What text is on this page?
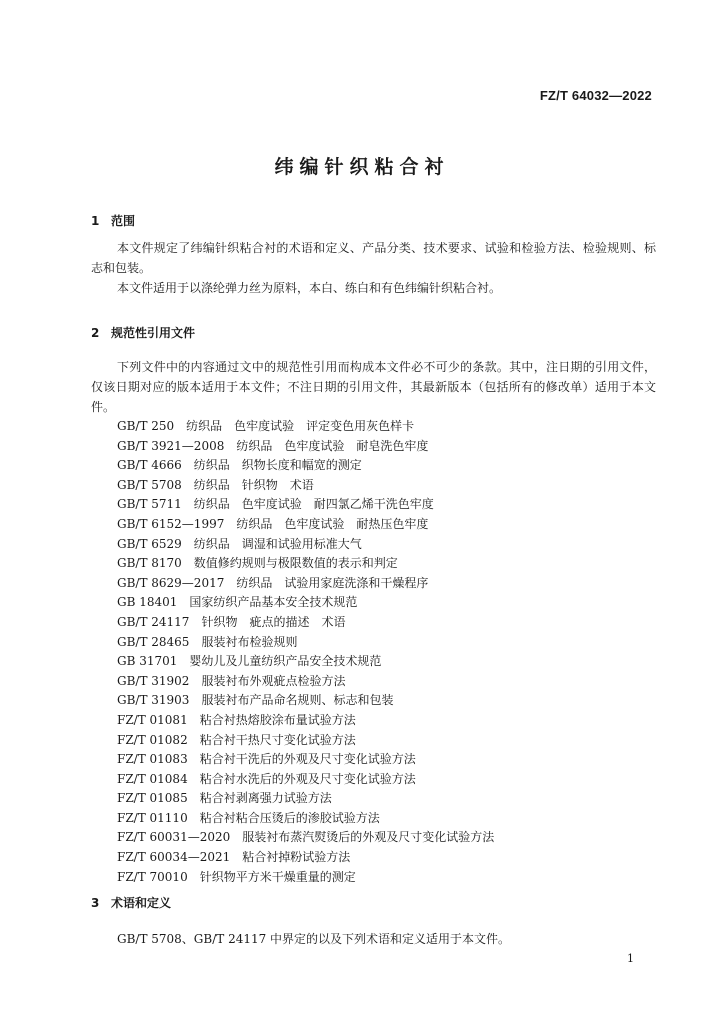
FZ/T 64032—2022
纬编针织粘合衬
1 范围

本文件规定了纬编针织粘合衬的术语和定义、产品分类、技术要求、试验和检验方法、检验规则、标志和包装。

本文件适用于以涤纶弹力丝为原料，本白、练白和有色纬编针织粘合衬。

2 规范性引用文件

下列文件中的内容通过文中的规范性引用而构成本文件必不可少的条款。其中，注日期的引用文件，仅该日期对应的版本适用于本文件；不注日期的引用文件，其最新版本（包括所有的修改单）适用于本文件。

GB/T 250　纺织品　色牢度试验　评定变色用灰色样卡
GB/T 3921—2008　纺织品　色牢度试验　耐皂洗色牢度
GB/T 4666　纺织品　织物长度和幅宽的测定
GB/T 5708　纺织品　针织物　术语
GB/T 5711　纺织品　色牢度试验　耐四氯乙烯干洗色牢度
GB/T 6152—1997　纺织品　色牢度试验　耐热压色牢度
GB/T 6529　纺织品　调湿和试验用标准大气
GB/T 8170　数值修约规则与极限数值的表示和判定
GB/T 8629—2017　纺织品　试验用家庭洗涤和干燥程序
GB 18401　国家纺织产品基本安全技术规范
GB/T 24117　针织物　疵点的描述　术语
GB/T 28465　服装衬布检验规则
GB 31701　婴幼儿及儿童纺织产品安全技术规范
GB/T 31902　服装衬布外观疵点检验方法
GB/T 31903　服装衬布产品命名规则、标志和包装
FZ/T 01081　粘合衬热熔胶涂布量试验方法
FZ/T 01082　粘合衬干热尺寸变化试验方法
FZ/T 01083　粘合衬干洗后的外观及尺寸变化试验方法
FZ/T 01084　粘合衬水洗后的外观及尺寸变化试验方法
FZ/T 01085　粘合衬剥离强力试验方法
FZ/T 01110　粘合衬粘合压烫后的渗胶试验方法
FZ/T 60031—2020　服装衬布蒸汽熨烫后的外观及尺寸变化试验方法
FZ/T 60034—2021　粘合衬掉粉试验方法
FZ/T 70010　针织物平方米干燥重量的测定
3 术语和定义

GB/T 5708、GB/T 24117 中界定的以及下列术语和定义适用于本文件。

1
